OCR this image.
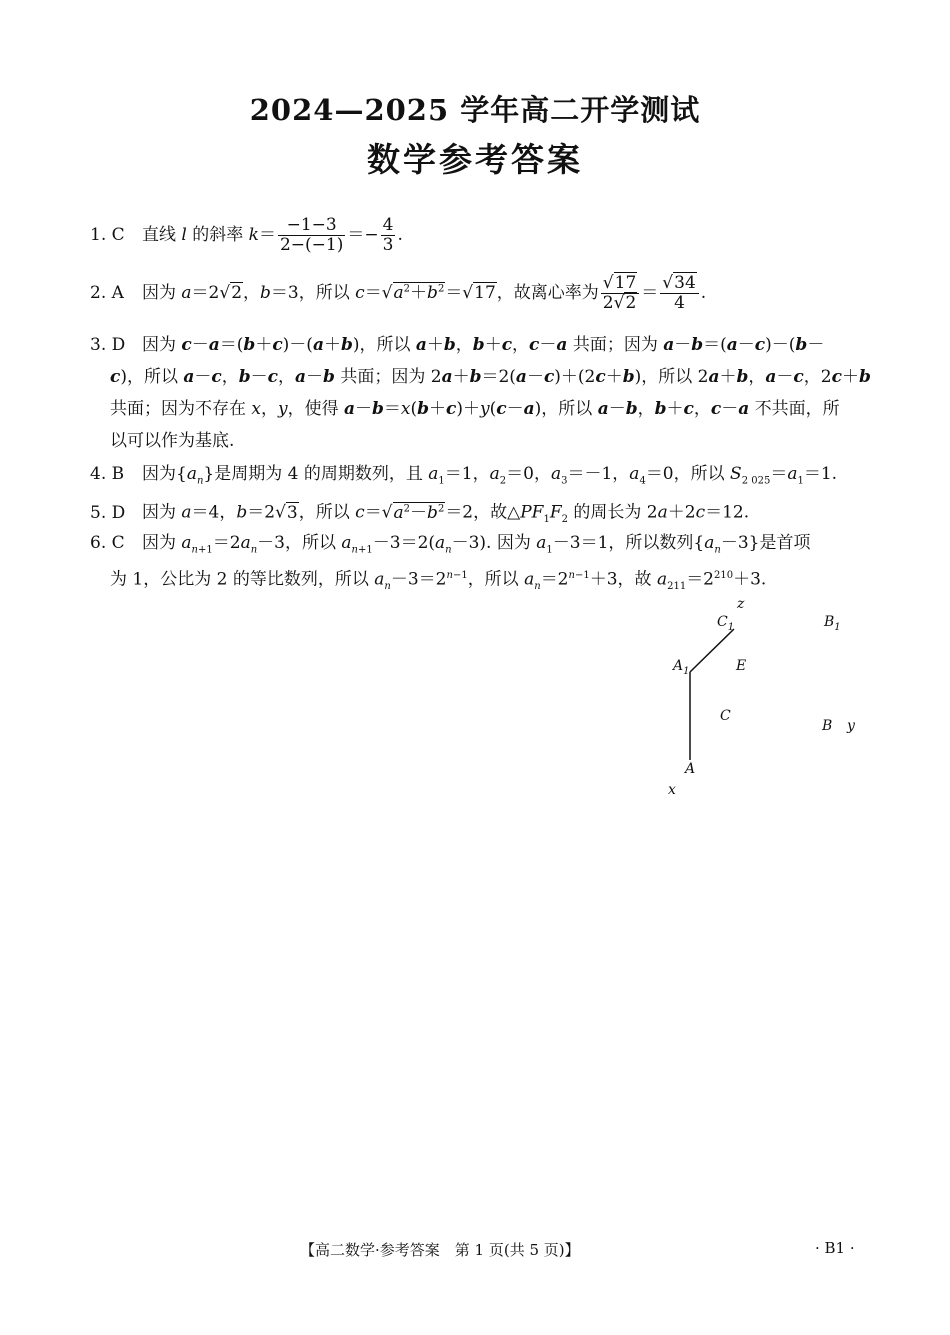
2024—2025 学年高二开学测试
数学参考答案
1. C 直线 l 的斜率 $k= \frac{-1-3}{2-(-1)} =- \frac{4}{3}$ .
2. A 因为 a＝2√2，b＝3，所以 $c=√a^2+b^2=√17$，故离心率为 $\frac{√17}{2√2} = \frac{√34}{4}$ .
3. D 因为 c－a＝(b＋c)－(a＋b)，所以 a＋b，b＋c，c－a 共面；因为 a－b＝(a－c)－(b－
c)，所以 a－c，b－c，a－b 共面；因为 2a＋b＝2(a－c)＋(2c＋b)，所以 2a＋b，a－c，2c＋b
共面；因为不存在 x，y，使得 a－b＝x(b＋c)＋y(c－a)，所以 a－b，b＋c，c－a 不共面，所
以可以作为基底.
4. B 因为$\{a_n\}$是周期为 4 的周期数列，且 $a_1=1$，$a_2=0$，$a_3=-1$，$a_4=0$，所以 $S_{2 025}=a_1=1$.
5. D 因为 a＝4，b＝2√3，所以 $c=√a^2-b^2=2$，故$\triangle PF_1F_2$ 的周长为 2a＋2c＝12.
6. C 因为 $a_{n+1}=2a_n-3$，所以 $a_{n+1}-3=2(a_n-3)$. 因为 $a_1-3=1$，所以数列$\{a_n-3\}$是首项
为 1，公比为 2 的等比数列，所以 $a_n-3=2^{n-1}$，所以 $a_n=2^{n-1}+3$，故 $a_{211}=2^{210}+3$.
z
$C_1$	$B_1$
$A_1$	E
C
B y
A
x
【高二数学·参考答案　第 1 页(共 5 页)】	· B1 ·
